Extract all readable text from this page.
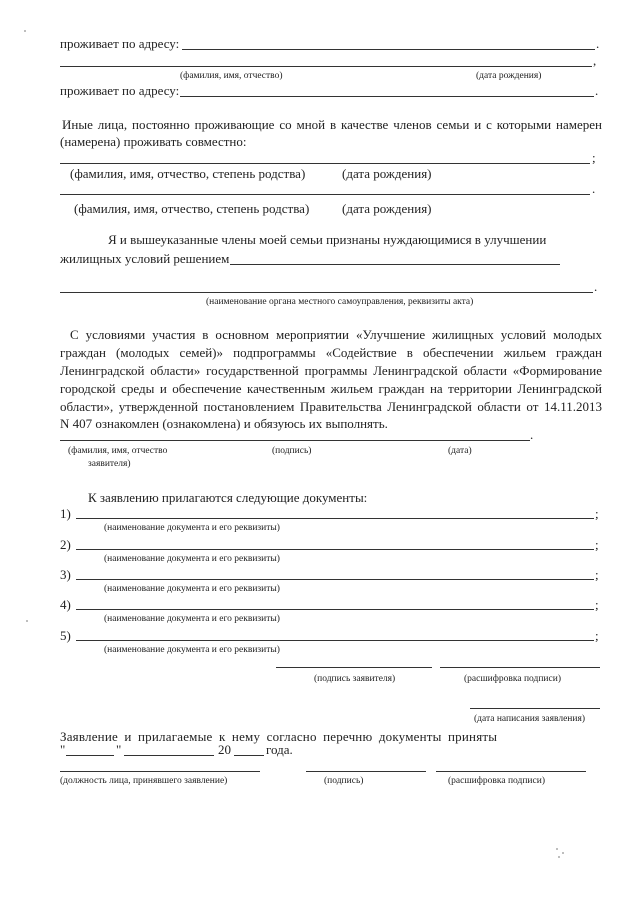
проживает по адресу:	.
,
(фамилия, имя, отчество)	(дата рождения)
проживает по адресу:	.
Иные лица, постоянно проживающие со мной в качестве членов семьи и с которыми намерен
(намерена) проживать совместно:
;
(фамилия, имя, отчество, степень родства)	(дата рождения)
.
(фамилия, имя, отчество, степень родства)	(дата рождения)
Я и вышеуказанные члены моей семьи признаны нуждающимися в улучшении
жилищных условий решением
.
(наименование органа местного самоуправления, реквизиты акта)
С условиями участия в основном мероприятии «Улучшение жилищных условий молодых
граждан (молодых семей)» подпрограммы «Содействие в обеспечении жильем граждан
Ленинградской области» государственной программы Ленинградской области «Формирование
городской среды и обеспечение качественным жильем граждан на территории Ленинградской
области», утвержденной постановлением Правительства Ленинградской области от 14.11.2013
N 407 ознакомлен (ознакомлена) и обязуюсь их выполнять.
.
(фамилия, имя, отчество
заявителя)
(подпись)	(дата)
К заявлению прилагаются следующие документы:
1)	;
(наименование документа и его реквизиты)
2)	;
(наименование документа и его реквизиты)
3)	;
(наименование документа и его реквизиты)
4)	;
(наименование документа и его реквизиты)
5)	;
(наименование документа и его реквизиты)
(подпись заявителя)	(расшифровка подписи)
(дата написания заявления)
Заявление и прилагаемые к нему согласно перечню документы приняты
"	"	20	года.
(должность лица, принявшего заявление)	(подпись)	(расшифровка подписи)
